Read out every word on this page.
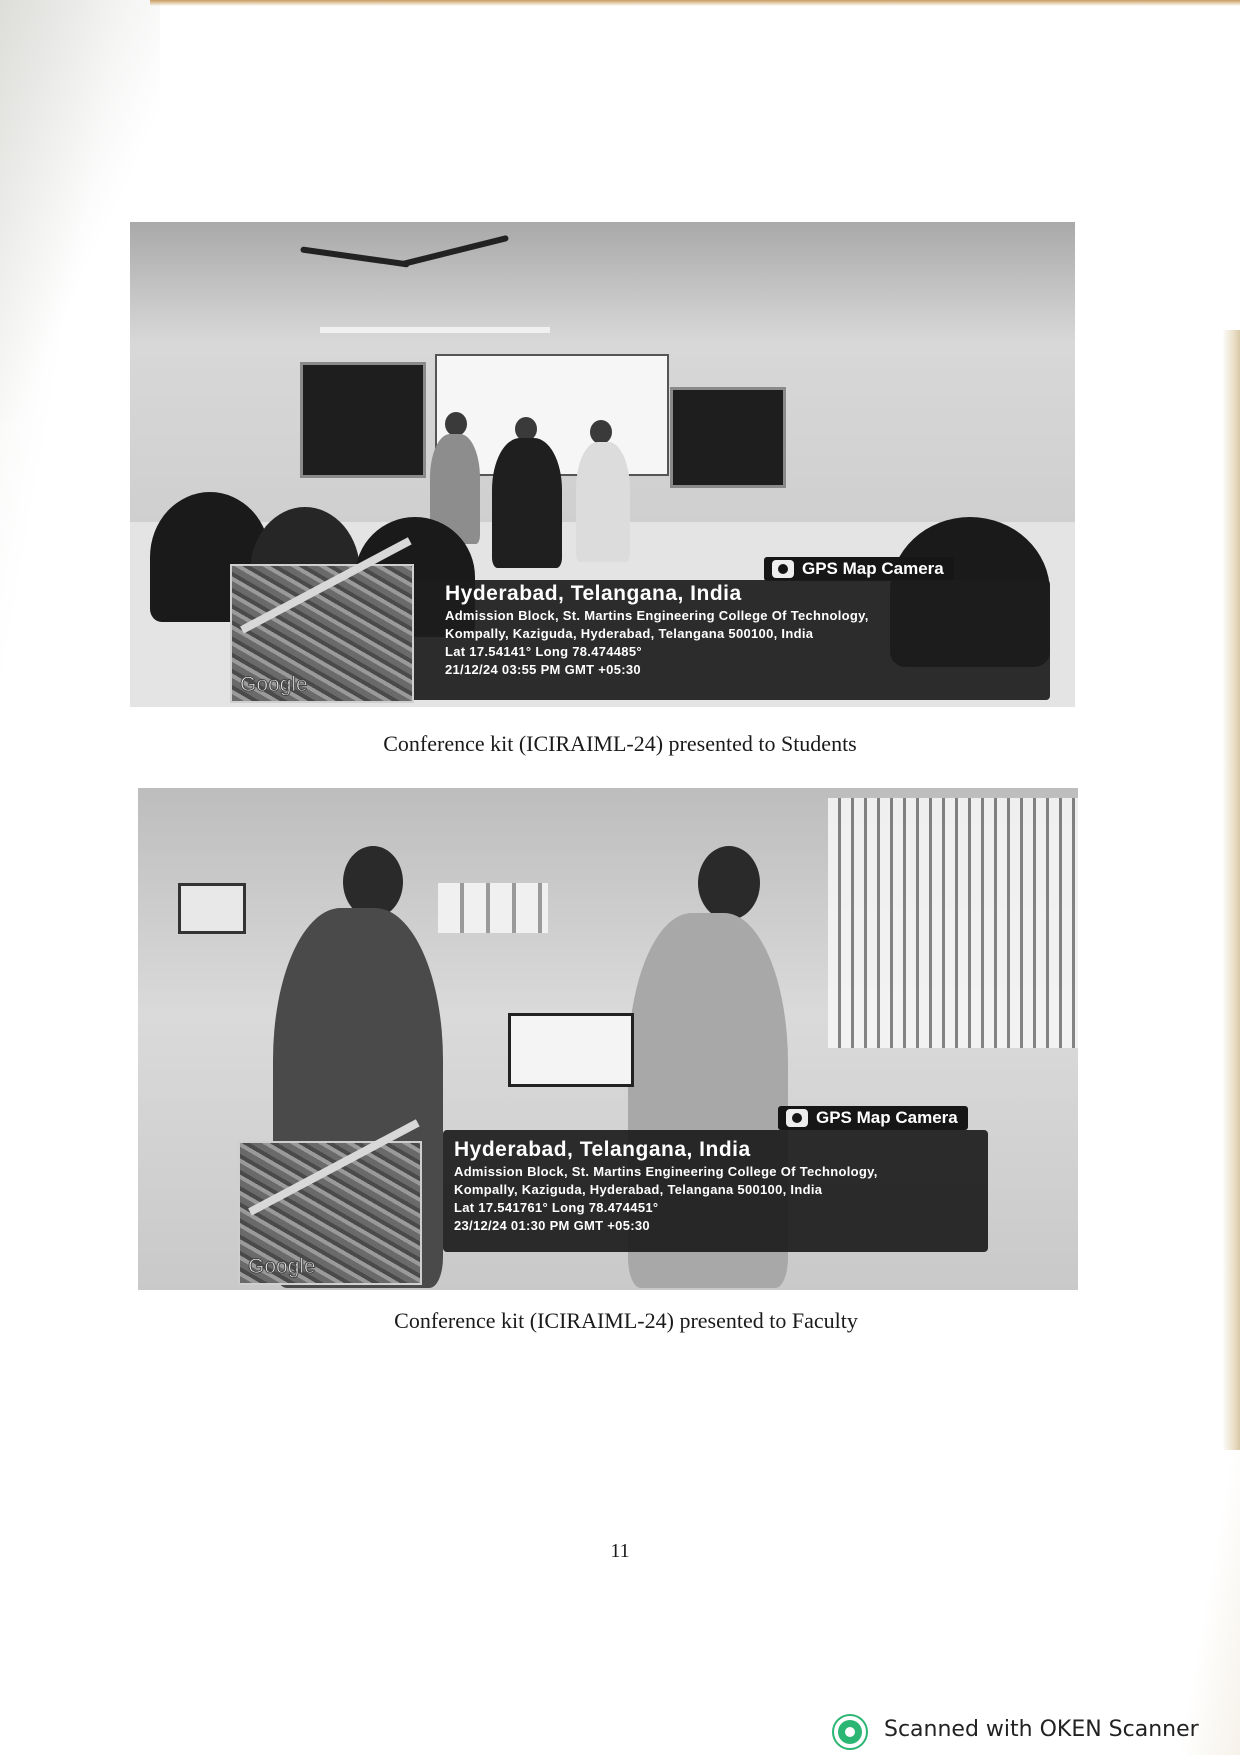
GPS Map Camera
Google
Hyderabad, Telangana, India
Admission Block, St. Martins Engineering College Of Technology,
Kompally, Kaziguda, Hyderabad, Telangana 500100, India
Lat 17.54141° Long 78.474485°
21/12/24 03:55 PM GMT +05:30
Conference kit (ICIRAIML-24) presented to Students
GPS Map Camera
Google
Hyderabad, Telangana, India
Admission Block, St. Martins Engineering College Of Technology,
Kompally, Kaziguda, Hyderabad, Telangana 500100, India
Lat 17.541761° Long 78.474451°
23/12/24 01:30 PM GMT +05:30
Conference kit (ICIRAIML-24) presented to Faculty
11
Scanned with OKEN Scanner
